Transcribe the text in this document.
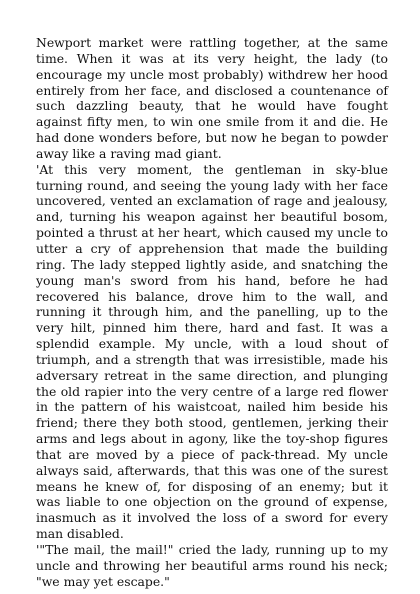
Newport market were rattling together, at the same time. When it was at its very height, the lady (to encourage my uncle most probably) withdrew her hood entirely from her face, and disclosed a countenance of such dazzling beauty, that he would have fought against fifty men, to win one smile from it and die. He had done wonders before, but now he began to powder away like a raving mad giant.

'At this very moment, the gentleman in sky-blue turning round, and seeing the young lady with her face uncovered, vented an exclamation of rage and jealousy, and, turning his weapon against her beautiful bosom, pointed a thrust at her heart, which caused my uncle to utter a cry of apprehension that made the building ring. The lady stepped lightly aside, and snatching the young man's sword from his hand, before he had recovered his balance, drove him to the wall, and running it through him, and the panelling, up to the very hilt, pinned him there, hard and fast. It was a splendid example. My uncle, with a loud shout of triumph, and a strength that was irresistible, made his adversary retreat in the same direction, and plunging the old rapier into the very centre of a large red flower in the pattern of his waistcoat, nailed him beside his friend; there they both stood, gentlemen, jerking their arms and legs about in agony, like the toy-shop figures that are moved by a piece of pack-thread. My uncle always said, afterwards, that this was one of the surest means he knew of, for disposing of an enemy; but it was liable to one objection on the ground of expense, inasmuch as it involved the loss of a sword for every man disabled.

'"The mail, the mail!" cried the lady, running up to my uncle and throwing her beautiful arms round his neck; "we may yet escape."
